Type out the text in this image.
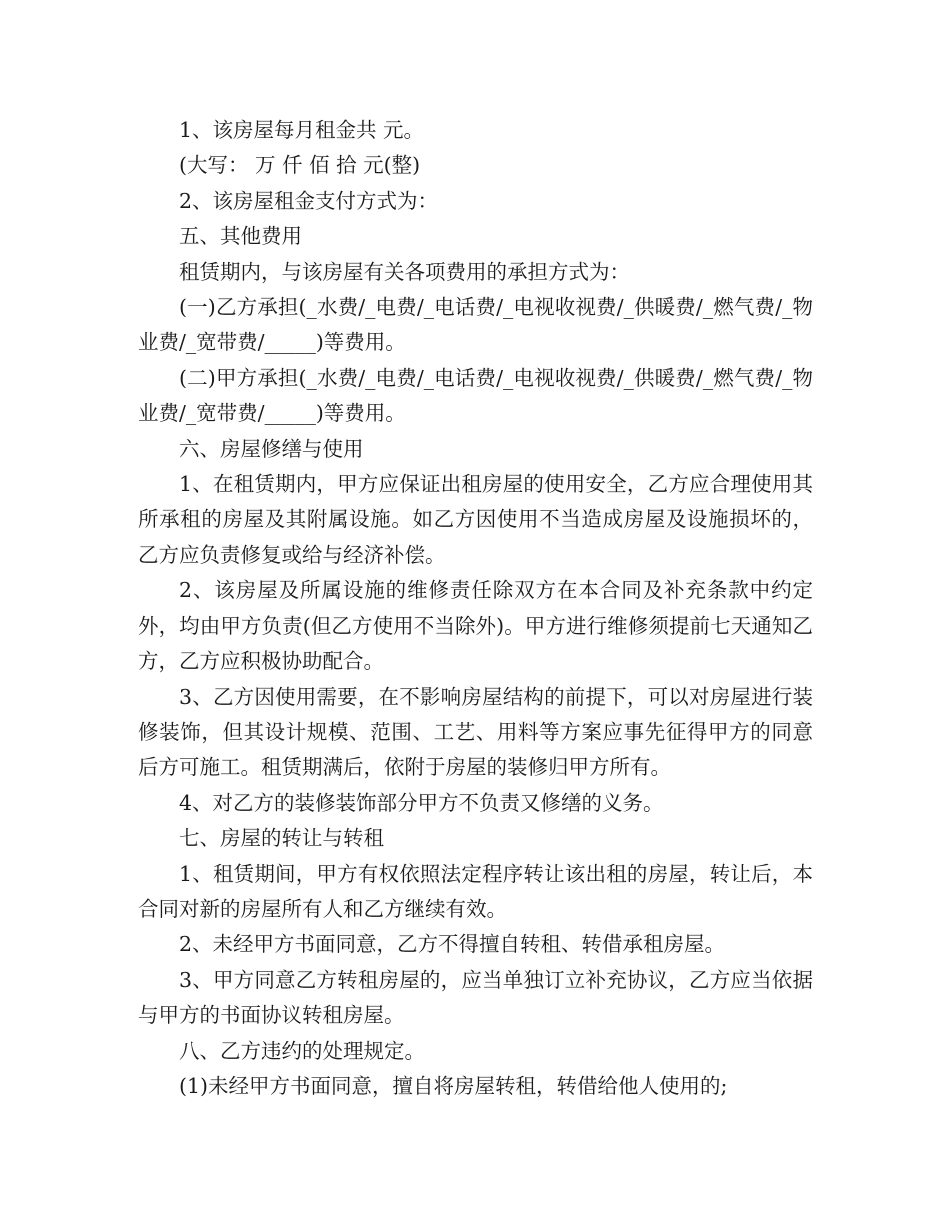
1、该房屋每月租金共 元。

(大写： 万 仟 佰 拾 元(整)

2、该房屋租金支付方式为：

五、其他费用

租赁期内，与该房屋有关各项费用的承担方式为：

(一)乙方承担(_水费/_电费/_电话费/_电视收视费/_供暖费/_燃气费/_物业费/_宽带费/_____)等费用。

(二)甲方承担(_水费/_电费/_电话费/_电视收视费/_供暖费/_燃气费/_物业费/_宽带费/_____)等费用。

六、房屋修缮与使用

1、在租赁期内，甲方应保证出租房屋的使用安全，乙方应合理使用其所承租的房屋及其附属设施。如乙方因使用不当造成房屋及设施损坏的，乙方应负责修复或给与经济补偿。

2、该房屋及所属设施的维修责任除双方在本合同及补充条款中约定外，均由甲方负责(但乙方使用不当除外)。甲方进行维修须提前七天通知乙方，乙方应积极协助配合。

3、乙方因使用需要，在不影响房屋结构的前提下，可以对房屋进行装修装饰，但其设计规模、范围、工艺、用料等方案应事先征得甲方的同意后方可施工。租赁期满后，依附于房屋的装修归甲方所有。

4、对乙方的装修装饰部分甲方不负责又修缮的义务。

七、房屋的转让与转租

1、租赁期间，甲方有权依照法定程序转让该出租的房屋，转让后，本合同对新的房屋所有人和乙方继续有效。

2、未经甲方书面同意，乙方不得擅自转租、转借承租房屋。

3、甲方同意乙方转租房屋的，应当单独订立补充协议，乙方应当依据与甲方的书面协议转租房屋。

八、乙方违约的处理规定。

(1)未经甲方书面同意，擅自将房屋转租，转借给他人使用的;
